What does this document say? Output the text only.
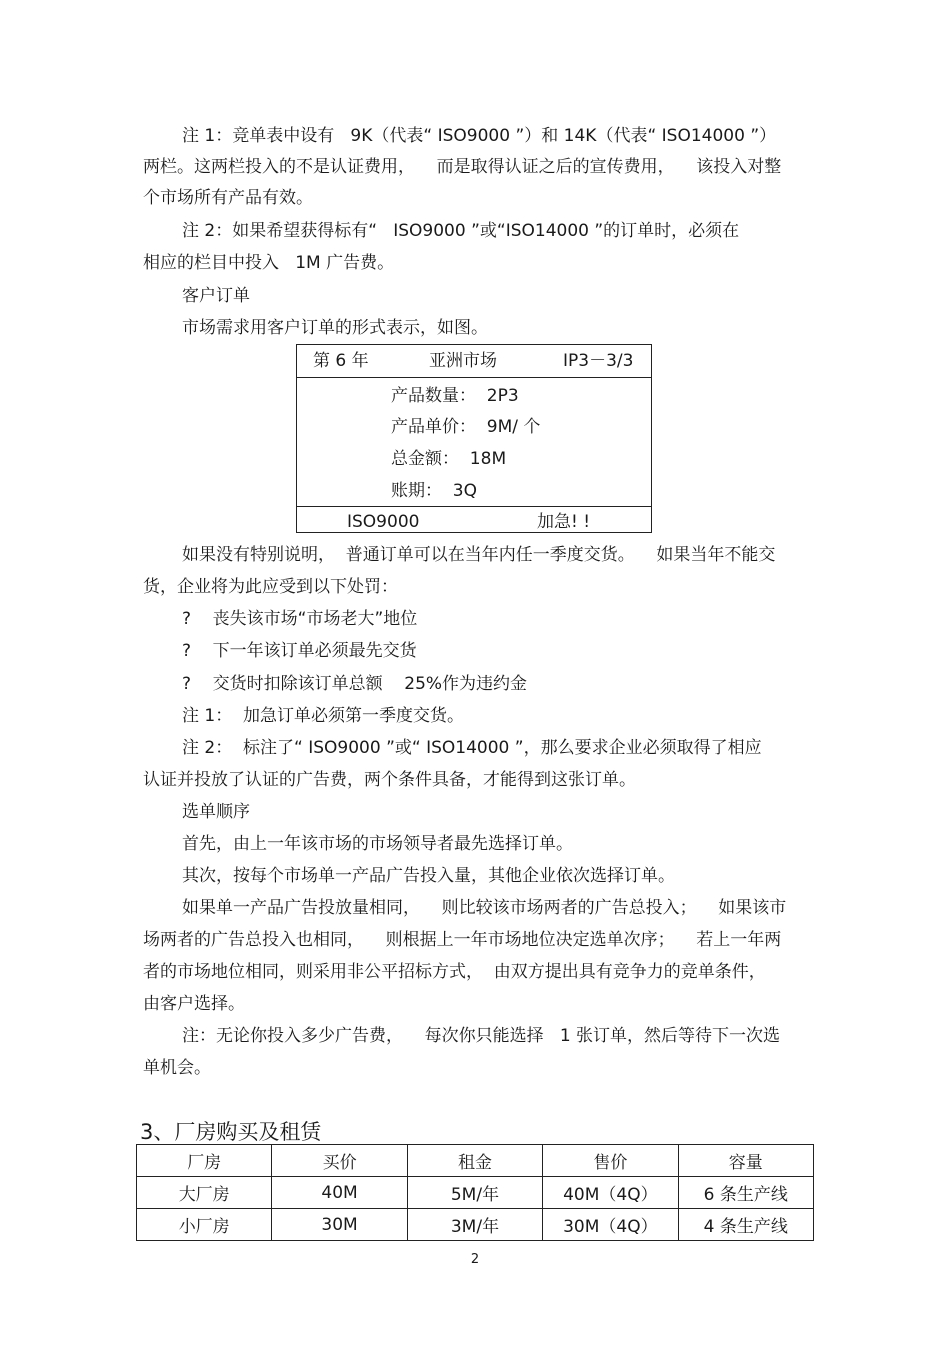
注 1：竞单表中设有   9K（代表“ ISO9000 ”）和 14K（代表“ ISO14000 ”）
两栏。这两栏投入的不是认证费用，    而是取得认证之后的宣传费用，    该投入对整
个市场所有产品有效。
注 2：如果希望获得标有“   ISO9000 ”或“ISO14000 ”的订单时，必须在
相应的栏目中投入   1M 广告费。
客户订单
市场需求用客户订单的形式表示，如图。
第 6 年	亚洲市场	IP3－3/3
产品数量：  2P3
产品单价：  9M/ 个
总金额：  18M
账期：  3Q
ISO9000	加急! !
如果没有特别说明，  普通订单可以在当年内任一季度交货。    如果当年不能交
货，企业将为此应受到以下处罚：
?    丧失该市场“市场老大”地位
?    下一年该订单必须最先交货
?    交货时扣除该订单总额    25%作为违约金
注 1：  加急订单必须第一季度交货。
注 2：  标注了“ ISO9000 ”或“ ISO14000 ”，那么要求企业必须取得了相应
认证并投放了认证的广告费，两个条件具备，才能得到这张订单。
选单顺序
首先，由上一年该市场的市场领导者最先选择订单。
其次，按每个市场单一产品广告投入量，其他企业依次选择订单。
如果单一产品广告投放量相同，    则比较该市场两者的广告总投入；    如果该市
场两者的广告总投入也相同，    则根据上一年市场地位决定选单次序；    若上一年两
者的市场地位相同，则采用非公平招标方式，  由双方提出具有竞争力的竞单条件，
由客户选择。
注：无论你投入多少广告费，    每次你只能选择   1 张订单，然后等待下一次选
单机会。
3、厂房购买及租赁
厂房	买价	租金	售价	容量
大厂房	40M	5M/年	40M（4Q）	6 条生产线
小厂房	30M	3M/年	30M（4Q）	4 条生产线
2
